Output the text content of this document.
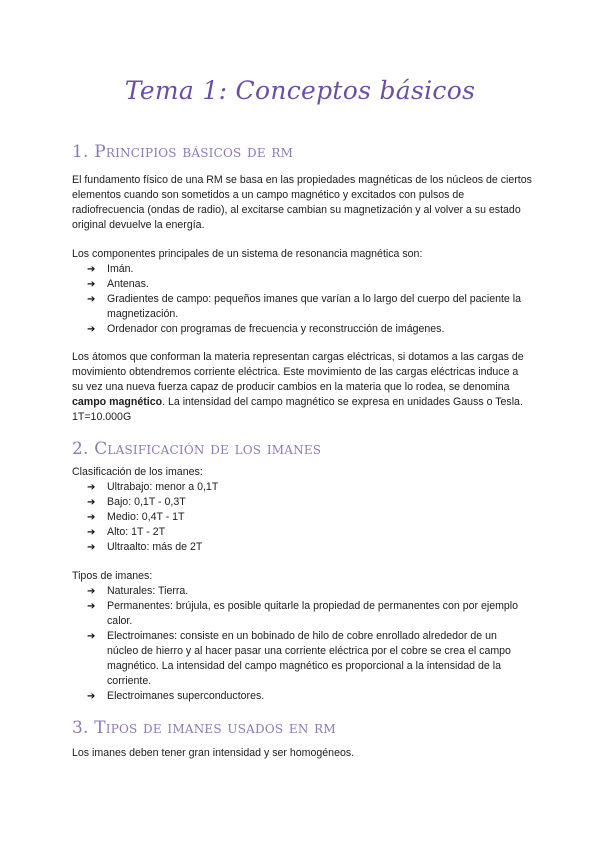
Tema 1: Conceptos básicos
1. Principios básicos de rm

El fundamento físico de una RM se basa en las propiedades magnéticas de los núcleos de ciertos elementos cuando son sometidos a un campo magnético y excitados con pulsos de radiofrecuencia (ondas de radio), al excitarse cambian su magnetización y al volver a su estado original devuelve la energía.

Los componentes principales de un sistema de resonancia magnética son:

➔ Imán.
➔ Antenas.
➔ Gradientes de campo: pequeños imanes que varían a lo largo del cuerpo del paciente la magnetización.
➔ Ordenador con programas de frecuencia y reconstrucción de imágenes.

Los átomos que conforman la materia representan cargas eléctricas, si dotamos a las cargas de movimiento obtendremos corriente eléctrica. Este movimiento de las cargas eléctricas induce a su vez una nueva fuerza capaz de producir cambios en la materia que lo rodea, se denomina campo magnético. La intensidad del campo magnético se expresa en unidades Gauss o Tesla. 1T=10.000G

2. Clasificación de los imanes

Clasificación de los imanes:

➔ Ultrabajo: menor a 0,1T
➔ Bajo: 0,1T - 0,3T
➔ Medio: 0,4T - 1T
➔ Alto: 1T - 2T
➔ Ultraalto: más de 2T

Tipos de imanes:

➔ Naturales: Tierra.
➔ Permanentes: brújula, es posible quitarle la propiedad de permanentes con por ejemplo calor.
➔ Electroimanes: consiste en un bobinado de hilo de cobre enrollado alrededor de un núcleo de hierro y al hacer pasar una corriente eléctrica por el cobre se crea el campo magnético. La intensidad del campo magnético es proporcional a la intensidad de la corriente.
➔ Electroimanes superconductores.
3. Tipos de imanes usados en rm

Los imanes deben tener gran intensidad y ser homogéneos.
